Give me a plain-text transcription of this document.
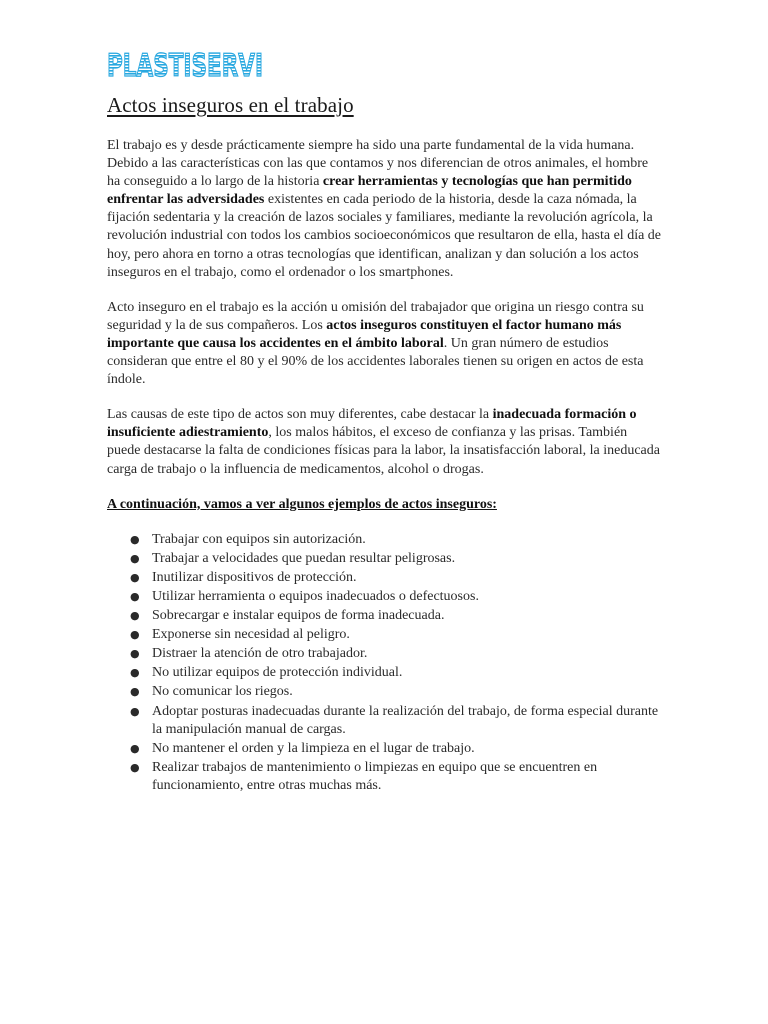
PLASTISERVI
Actos inseguros en el trabajo

El trabajo es y desde prácticamente siempre ha sido una parte fundamental de la vida humana. Debido a las características con las que contamos y nos diferencian de otros animales, el hombre ha conseguido a lo largo de la historia crear herramientas y tecnologías que han permitido enfrentar las adversidades existentes en cada periodo de la historia, desde la caza nómada, la fijación sedentaria y la creación de lazos sociales y familiares, mediante la revolución agrícola, la revolución industrial con todos los cambios socioeconómicos que resultaron de ella, hasta el día de hoy, pero ahora en torno a otras tecnologías que identifican, analizan y dan solución a los actos inseguros en el trabajo, como el ordenador o los smartphones.

Acto inseguro en el trabajo es la acción u omisión del trabajador que origina un riesgo contra su seguridad y la de sus compañeros. Los actos inseguros constituyen el factor humano más importante que causa los accidentes en el ámbito laboral. Un gran número de estudios consideran que entre el 80 y el 90% de los accidentes laborales tienen su origen en actos de esta índole.

Las causas de este tipo de actos son muy diferentes, cabe destacar la inadecuada formación o insuficiente adiestramiento, los malos hábitos, el exceso de confianza y las prisas. También puede destacarse la falta de condiciones físicas para la labor, la insatisfacción laboral, la ineducada carga de trabajo o la influencia de medicamentos, alcohol o drogas.

A continuación, vamos a ver algunos ejemplos de actos inseguros:
● Trabajar con equipos sin autorización.
● Trabajar a velocidades que puedan resultar peligrosas.
● Inutilizar dispositivos de protección.
● Utilizar herramienta o equipos inadecuados o defectuosos.
● Sobrecargar e instalar equipos de forma inadecuada.
● Exponerse sin necesidad al peligro.
● Distraer la atención de otro trabajador.
● No utilizar equipos de protección individual.
● No comunicar los riegos.
● Adoptar posturas inadecuadas durante la realización del trabajo, de forma especial durante la manipulación manual de cargas.
● No mantener el orden y la limpieza en el lugar de trabajo.
● Realizar trabajos de mantenimiento o limpiezas en equipo que se encuentren en funcionamiento, entre otras muchas más.
